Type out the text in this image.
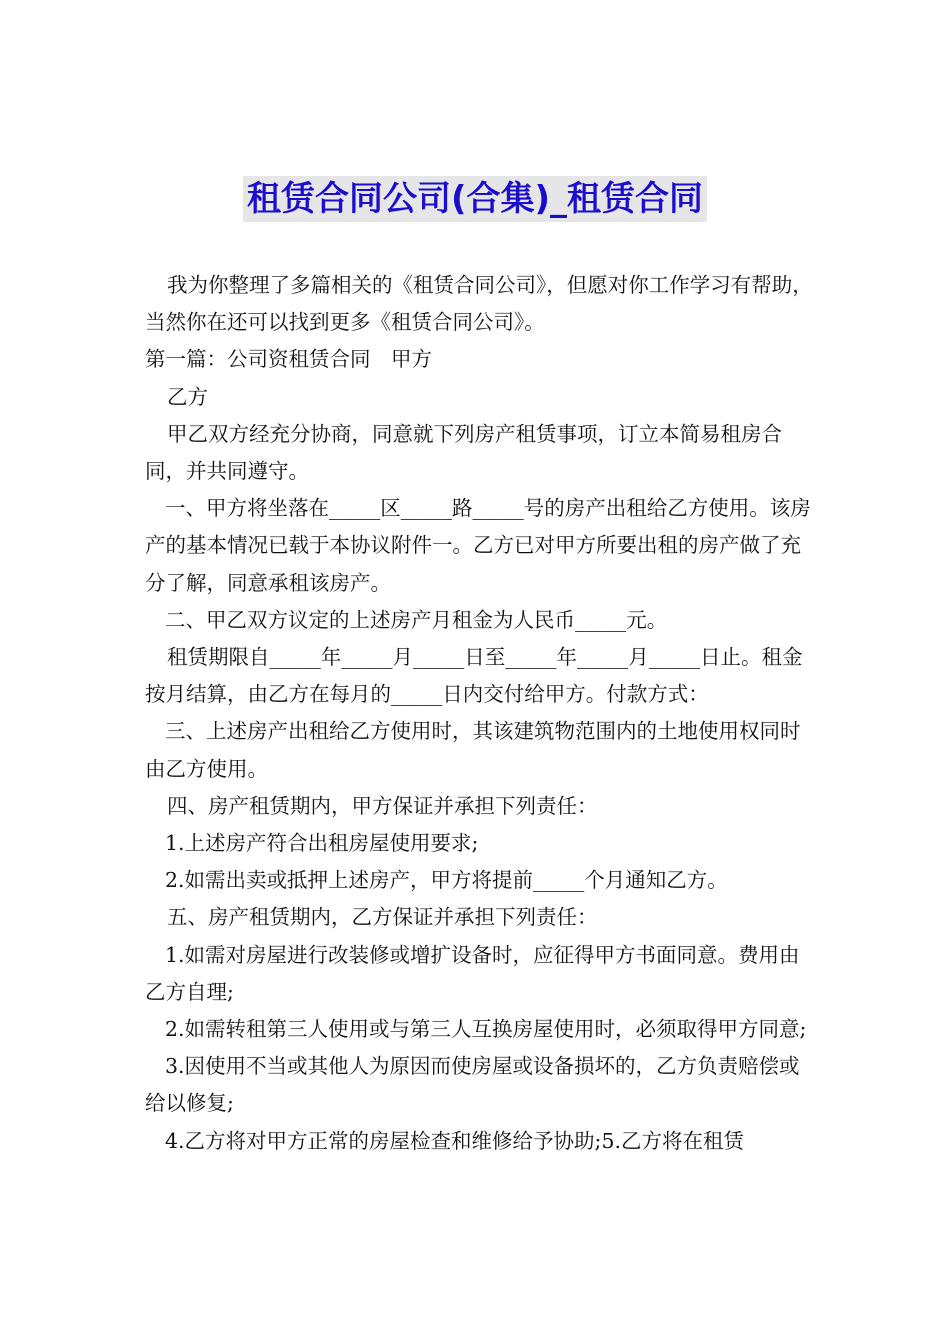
租赁合同公司(合集)_租赁合同

我为你整理了多篇相关的《租赁合同公司》，但愿对你工作学习有帮助，当然你在还可以找到更多《租赁合同公司》。

第一篇：公司资租赁合同　甲方

乙方

甲乙双方经充分协商，同意就下列房产租赁事项，订立本简易租房合同，并共同遵守。

一、甲方将坐落在_____区_____路_____号的房产出租给乙方使用。该房产的基本情况已载于本协议附件一。乙方已对甲方所要出租的房产做了充分了解，同意承租该房产。

二、甲乙双方议定的上述房产月租金为人民币_____元。

租赁期限自_____年_____月_____日至_____年_____月_____日止。租金按月结算，由乙方在每月的_____日内交付给甲方。付款方式：

三、上述房产出租给乙方使用时，其该建筑物范围内的土地使用权同时由乙方使用。

四、房产租赁期内，甲方保证并承担下列责任：

1.上述房产符合出租房屋使用要求;

2.如需出卖或抵押上述房产，甲方将提前_____个月通知乙方。

五、房产租赁期内，乙方保证并承担下列责任：

1.如需对房屋进行改装修或增扩设备时，应征得甲方书面同意。费用由乙方自理;

2.如需转租第三人使用或与第三人互换房屋使用时，必须取得甲方同意;

3.因使用不当或其他人为原因而使房屋或设备损坏的，乙方负责赔偿或给以修复;

4.乙方将对甲方正常的房屋检查和维修给予协助;5.乙方将在租赁
